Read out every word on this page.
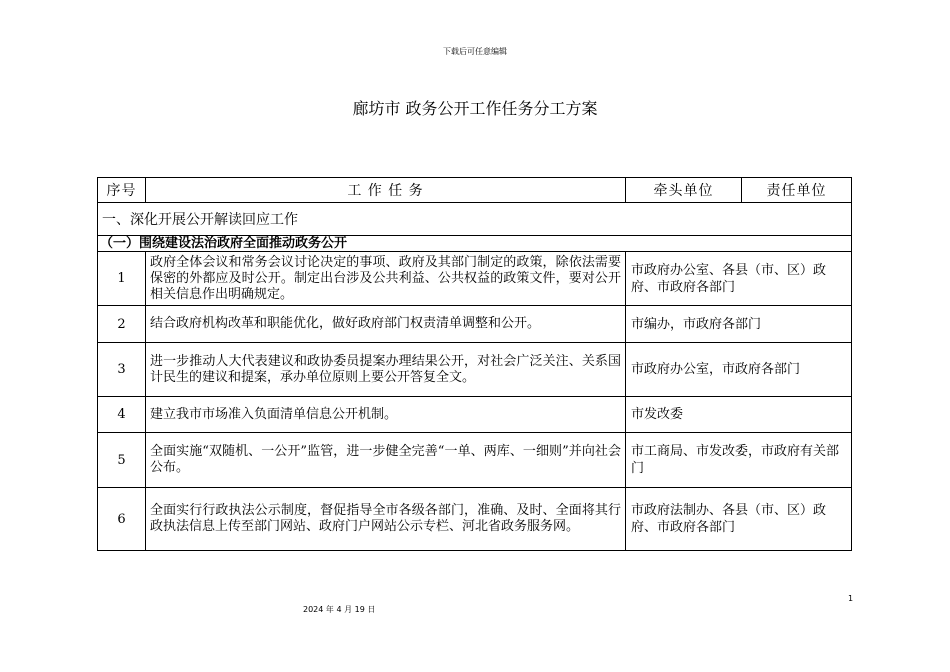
下载后可任意编辑
廊坊市 政务公开工作任务分工方案
序号	工 作 任 务	牵头单位	责任单位
一、深化开展公开解读回应工作			
（一）围绕建设法治政府全面推动政务公开			
1	政府全体会议和常务会议讨论决定的事项、政府及其部门制定的政策，除依法需要保密的外都应及时公开。制定出台涉及公共利益、公共权益的政策文件，要对公开相关信息作出明确规定。	市政府办公室、各县（市、区）政府、市政府各部门	
2	结合政府机构改革和职能优化，做好政府部门权责清单调整和公开。	市编办，市政府各部门	
3	进一步推动人大代表建议和政协委员提案办理结果公开，对社会广泛关注、关系国计民生的建议和提案，承办单位原则上要公开答复全文。	市政府办公室，市政府各部门	
4	建立我市市场准入负面清单信息公开机制。	市发改委	
5	全面实施“双随机、一公开”监管，进一步健全完善“一单、两库、一细则”并向社会公布。	市工商局、市发改委，市政府有关部门	
6	全面实行行政执法公示制度，督促指导全市各级各部门，准确、及时、全面将其行政执法信息上传至部门网站、政府门户网站公示专栏、河北省政务服务网。	市政府法制办、各县（市、区）政府、市政府各部门	
2024 年 4 月 19 日
1
